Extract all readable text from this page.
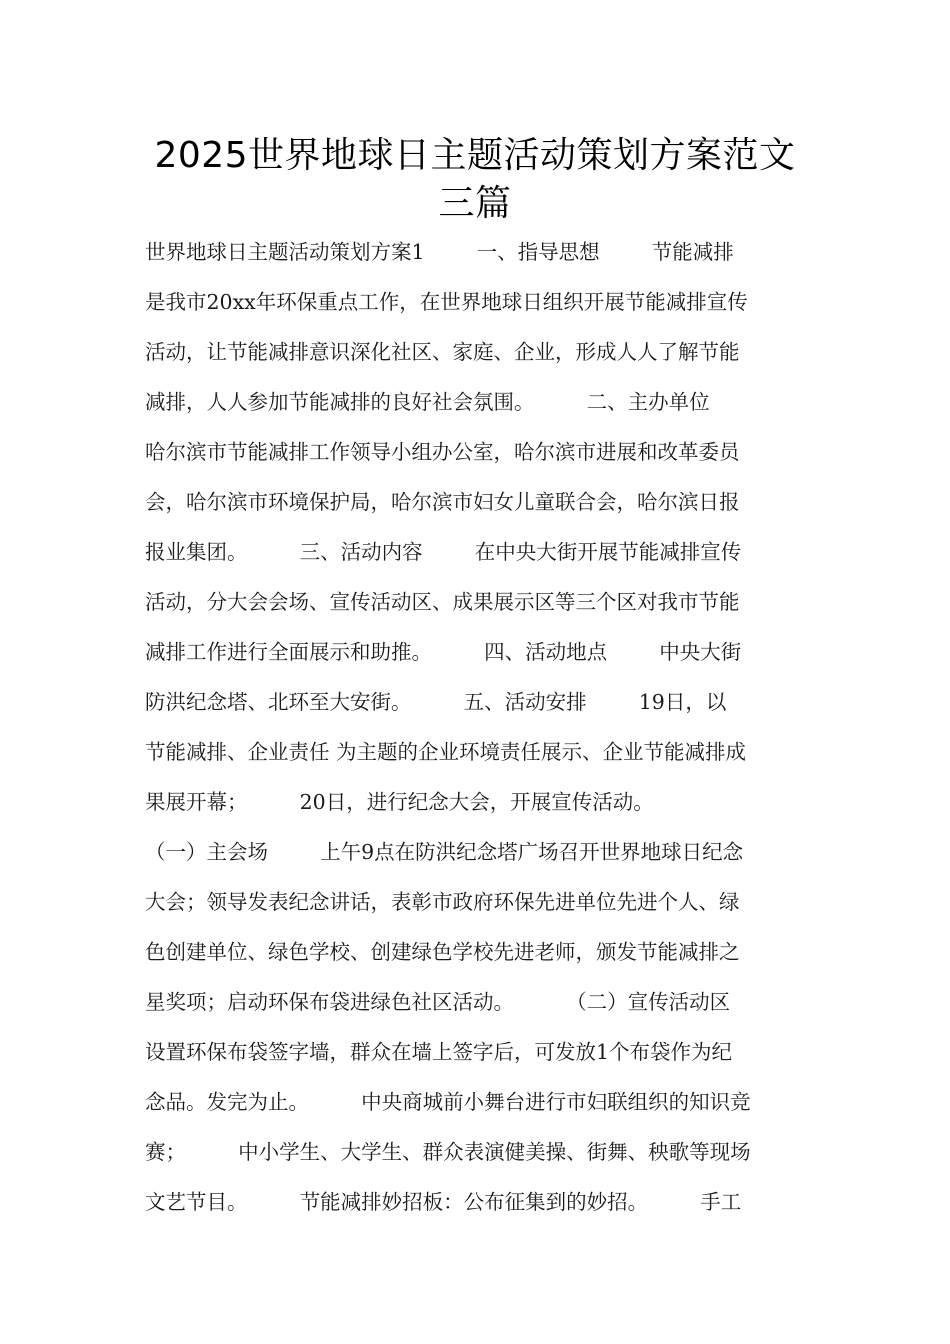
2025世界地球日主题活动策划方案范文
三篇
世界地球日主题活动策划方案1        一、指导思想        节能减排
是我市20xx年环保重点工作，在世界地球日组织开展节能减排宣传
活动，让节能减排意识深化社区、家庭、企业，形成人人了解节能
减排，人人参加节能减排的良好社会氛围。        二、主办单位
哈尔滨市节能减排工作领导小组办公室，哈尔滨市进展和改革委员
会，哈尔滨市环境保护局，哈尔滨市妇女儿童联合会，哈尔滨日报
报业集团。        三、活动内容        在中央大街开展节能减排宣传
活动，分大会会场、宣传活动区、成果展示区等三个区对我市节能
减排工作进行全面展示和助推。        四、活动地点        中央大街
防洪纪念塔、北环至大安街。        五、活动安排        19日，以
节能减排、企业责任 为主题的企业环境责任展示、企业节能减排成
果展开幕；        20日，进行纪念大会，开展宣传活动。
（一）主会场        上午9点在防洪纪念塔广场召开世界地球日纪念
大会；领导发表纪念讲话，表彰市政府环保先进单位先进个人、绿
色创建单位、绿色学校、创建绿色学校先进老师，颁发节能减排之
星奖项；启动环保布袋进绿色社区活动。        （二）宣传活动区
设置环保布袋签字墙，群众在墙上签字后，可发放1个布袋作为纪
念品。发完为止。        中央商城前小舞台进行市妇联组织的知识竞
赛；        中小学生、大学生、群众表演健美操、街舞、秧歌等现场
文艺节目。        节能减排妙招板：公布征集到的妙招。        手工
